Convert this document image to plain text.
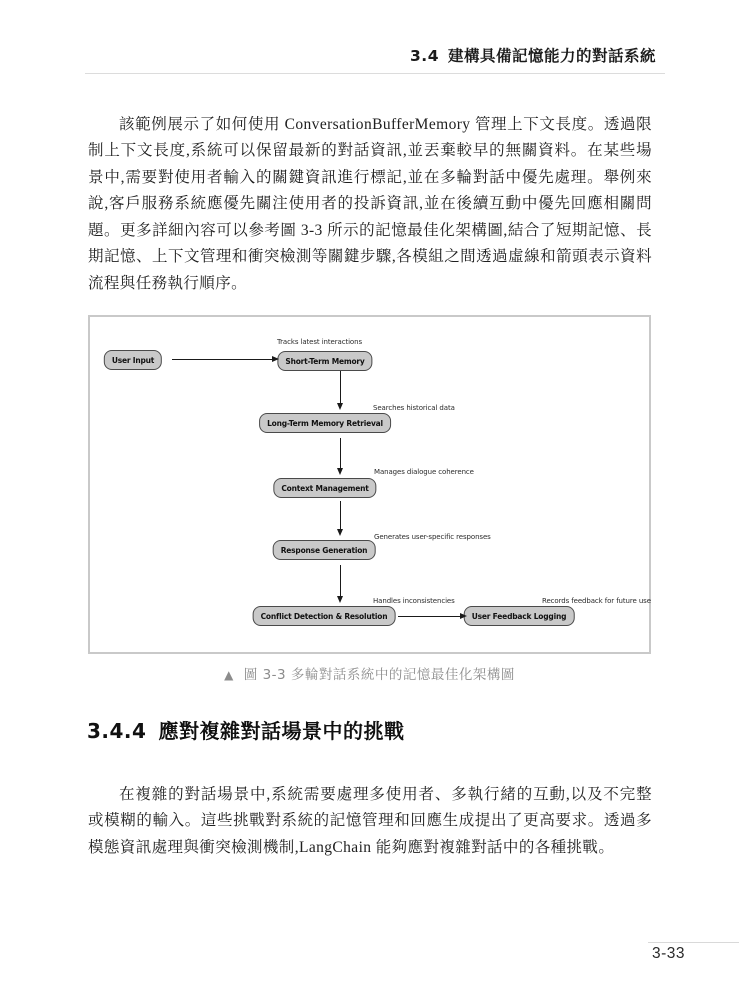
3.4 建構具備記憶能力的對話系統

該範例展示了如何使用 ConversationBufferMemory 管理上下文長度。透過限制上下文長度,系統可以保留最新的對話資訊,並丟棄較早的無關資料。在某些場景中,需要對使用者輸入的關鍵資訊進行標記,並在多輪對話中優先處理。舉例來說,客戶服務系統應優先關注使用者的投訴資訊,並在後續互動中優先回應相關問題。更多詳細內容可以參考圖 3-3 所示的記憶最佳化架構圖,結合了短期記憶、長期記憶、上下文管理和衝突檢測等關鍵步驟,各模組之間透過虛線和箭頭表示資料流程與任務執行順序。

User Input	Short-Term Memory
Long-Term Memory Retrieval
Context Management
Response Generation
Conflict Detection & Resolution	User Feedback Logging
Tracks latest interactions
Searches historical data
Manages dialogue coherence
Generates user-specific responses
Handles inconsistencies	Records feedback for future use
▲ 圖 3-3 多輪對話系統中的記憶最佳化架構圖
3.4.4 應對複雜對話場景中的挑戰

在複雜的對話場景中,系統需要處理多使用者、多執行緒的互動,以及不完整或模糊的輸入。這些挑戰對系統的記憶管理和回應生成提出了更高要求。透過多模態資訊處理與衝突檢測機制,LangChain 能夠應對複雜對話中的各種挑戰。

3-33
